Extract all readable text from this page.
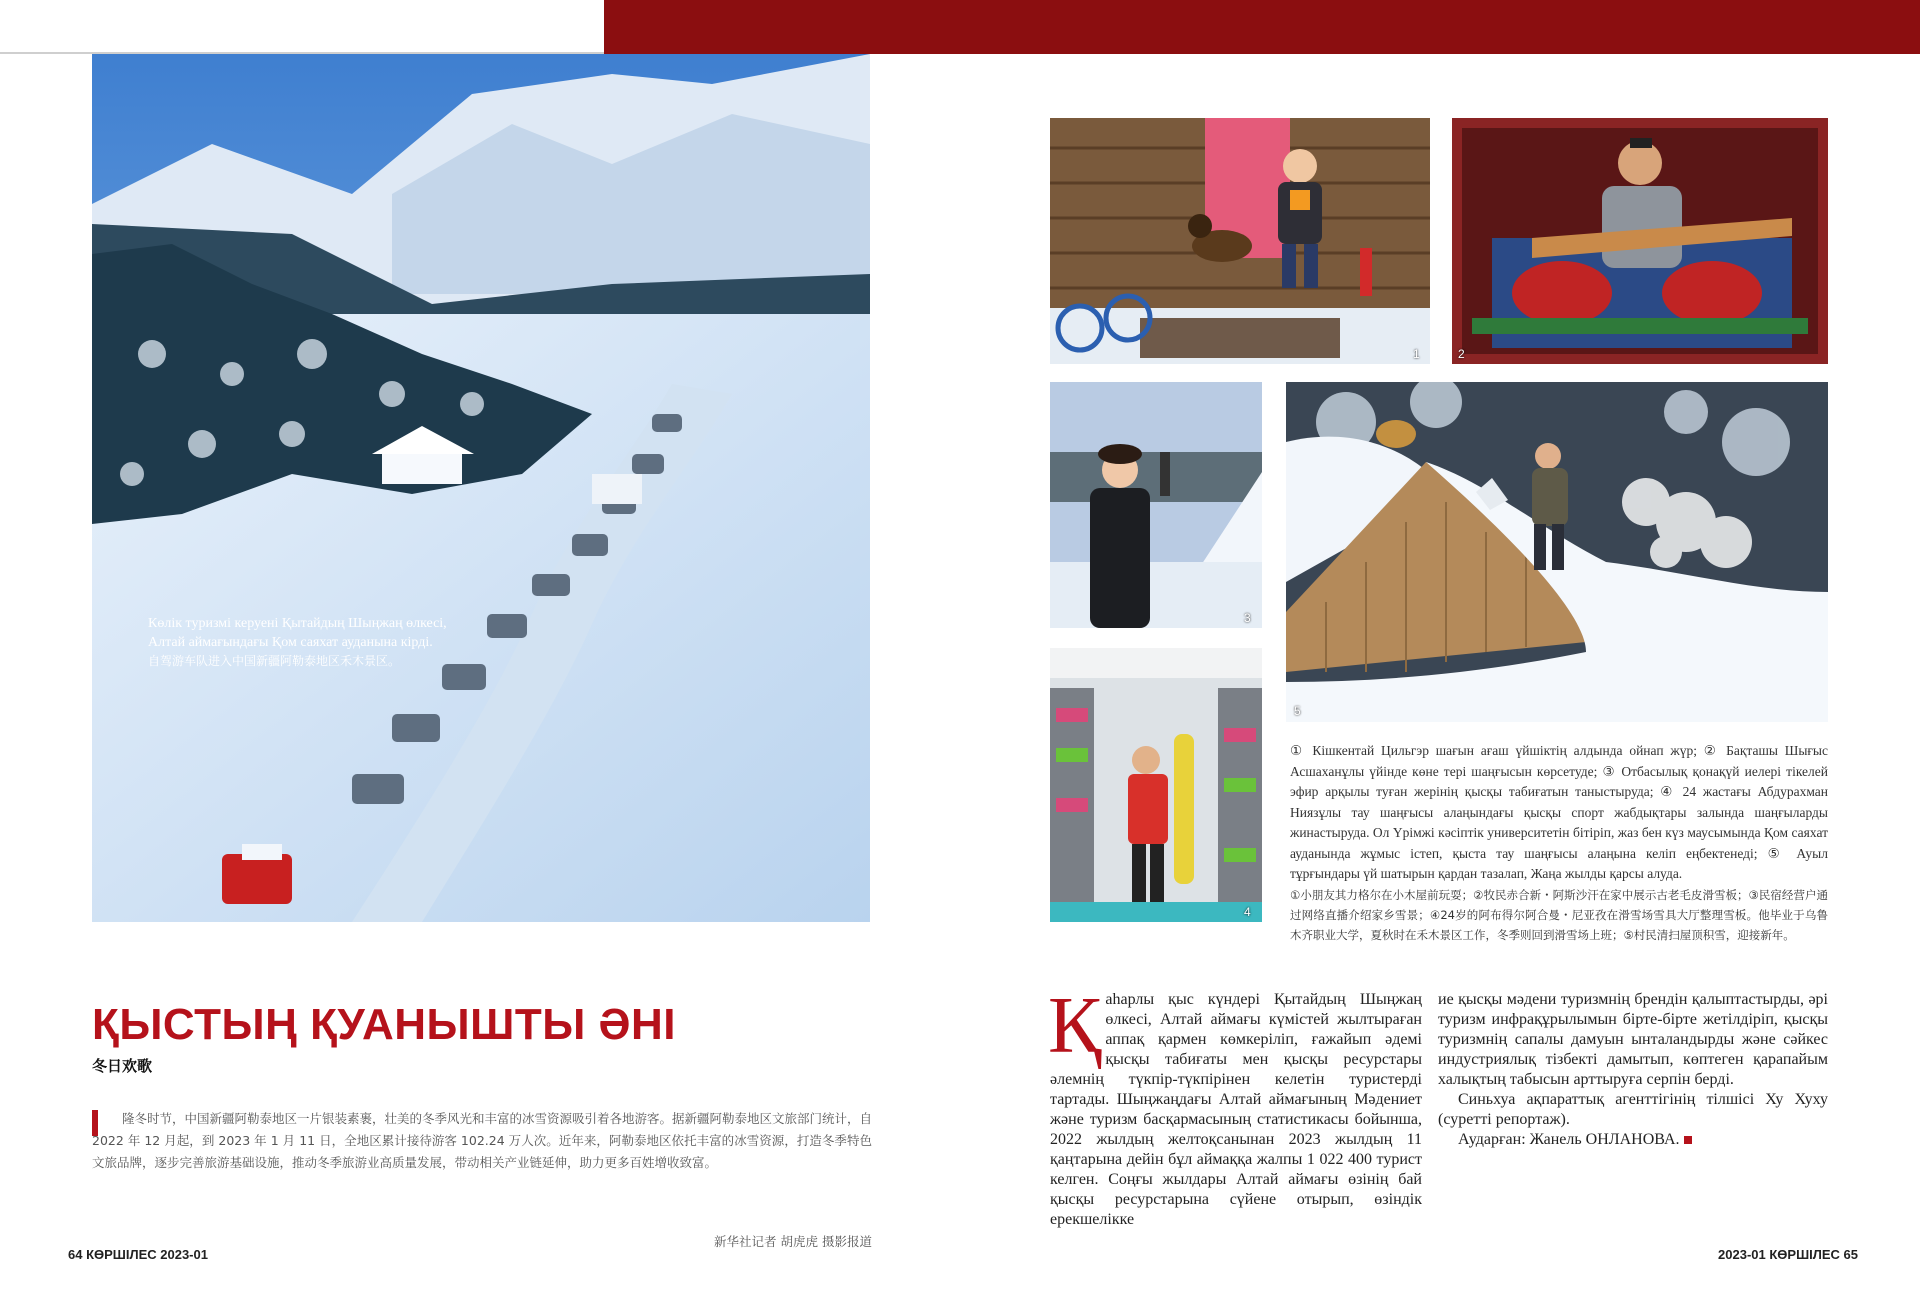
Көлік туризмі керуені Қытайдың Шыңжаң өлкесі, Алтай аймағындағы Қом саяхат ауданына кірді.
自驾游车队进入中国新疆阿勒泰地区禾木景区。
1	2
3
4
5
① Кішкентай Цильгэр шағын ағаш үйшіктің алдында ойнап жүр; ② Бақташы Шығыс Асшаханұлы үйінде көне тері шаңғысын көрсетуде; ③ Отбасылық қонақүй иелері тікелей эфир арқылы туған жерінің қысқы табиғатын таныстыруда; ④ 24 жастағы Абдурахман Ниязұлы тау шаңғысы алаңындағы қысқы спорт жабдықтары залында шаңғыларды жинастыруда. Ол Үрімжі кәсіптік университетін бітіріп, жаз бен күз маусымында Қом саяхат ауданында жұмыс істеп, қыста тау шаңғысы алаңына келіп еңбектенеді; ⑤ Ауыл тұрғындары үй шатырын қардан тазалап, Жаңа жылды қарсы алуда.
①小朋友其力格尔在小木屋前玩耍；②牧民赤合新・阿斯沙汗在家中展示古老毛皮滑雪板；③民宿经营户通过网络直播介绍家乡雪景；④24岁的阿布得尔阿合曼・尼亚孜在滑雪场雪具大厅整理雪板。他毕业于乌鲁木齐职业大学，夏秋时在禾木景区工作，冬季则回到滑雪场上班；⑤村民清扫屋顶积雪，迎接新年。
ҚЫСТЫҢ ҚУАНЫШТЫ ӘНІ
冬日欢歌
隆冬时节，中国新疆阿勒泰地区一片银装素裹，壮美的冬季风光和丰富的冰雪资源吸引着各地游客。据新疆阿勒泰地区文旅部门统计，自 2022 年 12 月起，到 2023 年 1 月 11 日，全地区累计接待游客 102.24 万人次。近年来，阿勒泰地区依托丰富的冰雪资源，打造冬季特色文旅品牌，逐步完善旅游基础设施，推动冬季旅游业高质量发展，带动相关产业链延伸，助力更多百姓增收致富。
新华社记者 胡虎虎 摄影报道
Қаһарлы қыс күндері Қытайдың Шыңжаң өлкесі, Алтай аймағы күмістей жылтыраған аппақ қармен көмкеріліп, ғажайып әдемі қысқы табиғаты мен қысқы ресурстары әлемнің түкпір-түкпірінен келетін туристерді тартады. Шыңжаңдағы Алтай аймағының Мәдениет және туризм басқармасының статистикасы бойынша, 2022 жылдың желтоқсанынан 2023 жылдың 11 қаңтарына дейін бұл аймаққа жалпы 1 022 400 турист келген. Соңғы жылдары Алтай аймағы өзінің бай қысқы ресурстарына сүйене отырып, өзіндік ерекшелікке

ие қысқы мәдени туризмнің брендін қалыптастырды, әрі туризм инфрақұрылымын бірте-бірте жетілдіріп, қысқы туризмнің сапалы дамуын ынталандырды және сәйкес индустриялық тізбекті дамытып, көптеген қарапайым халықтың табысын арттыруға серпін берді.

Синьхуа ақпараттық агенттігінің тілшісі Ху Хуху (суретті репортаж).

Аударған: Жанель ОНЛАНОВА.

64 КӨРШІЛЕС 2023-01	2023-01 КӨРШІЛЕС 65
